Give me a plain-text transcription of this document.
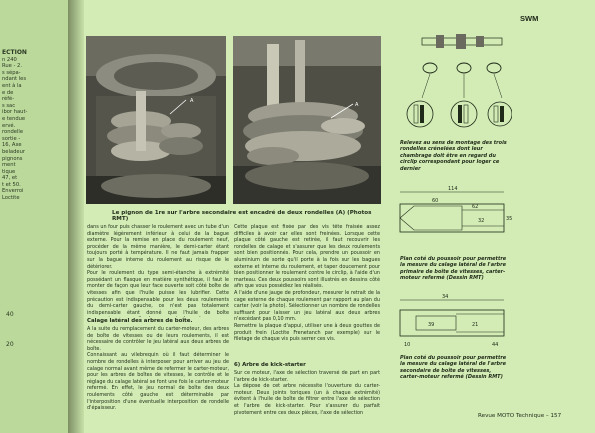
ECTION
n 240

Rue - 2.
s sépa-
ndant les
ent à la
e de
réfé-
s sac
ibor haut-
e tendue
ervé.
rondelle
sortie -
16, Axe
beladeur
pignons
ment
tique
47, et
t et 50.
Enverroi
Loctite
40
20
SWM
A
A
Le pignon de 1re sur l'arbre secondaire est encadré de deux rondelles (A) (Photos RMT)
dans un four puis chasser le roulement avec un tube d'un diamètre légèrement inférieur à celui de la bague externe. Pour la remise en place du roulement neuf, procéder de la même manière, le demi-carter étant toujours porté à température. Il ne faut jamais frapper sur la bague interne du roulement au risque de le détériorer.
Pour le roulement du type semi-étanche à extrémité possédant un flasque en matière synthétique, il faut le monter de façon que leur face ouverte soit côté boîte de vitesses afin que l'huile puisse les lubrifier. Cette précaution est indispensable pour les deux roulements du demi-carter gauche, ce n'est pas totalement indispensable étant donné que l'huile de boîte
Calage latéral des arbres de boîte.
A la suite du remplacement du carter-moteur, des arbres de boîte de vitesses ou de leurs roulements, il est nécessaire de contrôler le jeu latéral aux deux arbres de boîte.
Connaissant au vilebrequin où il faut déterminer le nombre de rondelles à interposer pour arriver au jeu de calage normal avant même de refermer le carter-moteur, pour les arbres de boîtes de vitesses, le contrôle et le réglage du calage latéral se font une fois le carter-moteur refermé. En effet, le jeu normal de boîte des deux roulements côté gauche est déterminable par l'interposition d'une éventuelle interposition de rondelle d'épaisseur.
Cette plaque est fixée par des vis tête fraisée assez difficiles à avoir car elles sont freinées. Lorsque cette plaque côté gauche est retirée, il faut recouvrir les rondelles de calage et s'assurer que les deux roulements sont bien positionnés. Pour cela, prendre un poussoir en aluminium de sorte qu'il porte à la fois sur les bagues externe et interne du roulement, et taper doucement pour bien positionner le roulement contre le circlip, à l'aide d'un marteau. Ces deux poussoirs sont illustrés en dessins côté afin que vous possédiez les réalisés.
A l'aide d'une jauge de profondeur, mesurer le retrait de la cage externe de chaque roulement par rapport au plan du carter (voir la photo). Sélectionner un nombre de rondelles suffisant pour laisser un jeu latéral aux deux arbres n'excédant pas 0,10 mm.
Remettre la plaque d'appui, utiliser une à deux gouttes de produit frein (Loctite Frenetanch par exemple) sur le filetage de chaque vis puis serrer ces vis.
6) Arbre de kick-starter
Sur ce moteur, l'axe de sélection traversé de part en part l'arbre de kick-starter.
La dépose de cet arbre nécessite l'ouverture du carter-moteur. Deux joints toriques (un à chaque extrémité) évitent à l'huile de boîte de filtrer entre l'axe de sélection et l'arbre de kick-starter. Pour s'assurer du parfait pivotement entre ces deux pièces, l'axe de sélection
Relevez au sens de montage des trois rondelles crénelées dont leur chambrage doit être en regard du circlip correspondant pour loger ce dernier
114
62
60
32	35
Plan coté du poussoir pour permettre la mesure du calage latéral de l'arbre primaire de boîte de vitesses, carter-moteur refermé (Dessin RMT)
34
39
10
21
44
Plan coté du poussoir pour permettre la mesure du calage latéral de l'arbre secondaire de boîte de vitesses, carter-moteur refermé (Dessin RMT)
Revue MOTO Technique – 157
